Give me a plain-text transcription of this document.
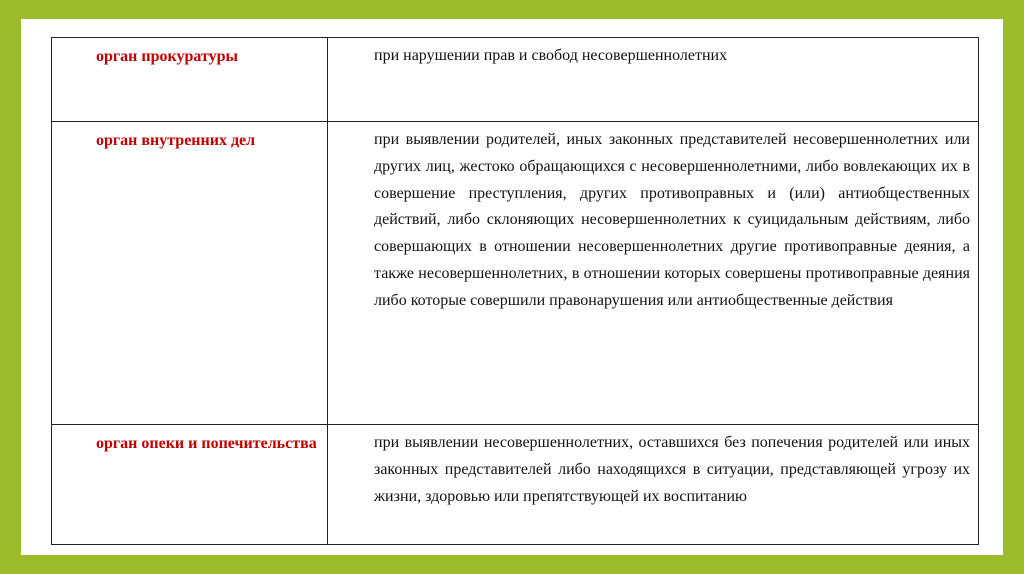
орган прокуратуры	при нарушении прав и свобод несовершеннолетних
орган внутренних дел	при выявлении родителей, иных законных представителей несовершеннолетних или других лиц, жестоко обращающихся с несовершеннолетними, либо вовлекающих их в совершение преступления, других противоправных и (или) антиобщественных действий, либо склоняющих несовершеннолетних к суицидальным действиям, либо совершающих в отношении несовершеннолетних другие противоправные деяния, а также несовершеннолетних, в отношении которых совершены противоправные деяния либо которые совершили правонарушения или антиобщественные действия
орган опеки и попечительства	при выявлении несовершеннолетних, оставшихся без попечения родителей или иных законных представителей либо находящихся в ситуации, представляющей угрозу их жизни, здоровью или препятствующей их воспитанию
